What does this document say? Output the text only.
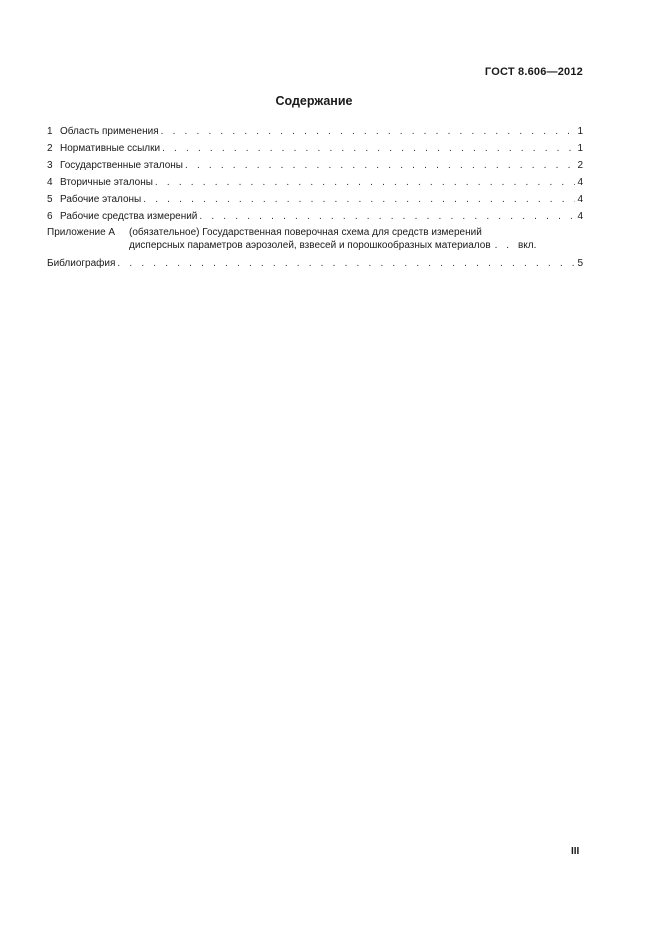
ГОСТ 8.606—2012
Содержание
1 Область применения . . .	1
2 Нормативные ссылки . . .	1
3 Государственные эталоны . . .	2
4 Вторичные эталоны . . .	4
5 Рабочие эталоны . . .	4
6 Рабочие средства измерений . . .	4
Приложение А	(обязательное) Государственная поверочная схема для средств измерений
дисперсных параметров аэрозолей, взвесей и порошкообразных материалов . .	вкл.
Библиография . . .	5
III
